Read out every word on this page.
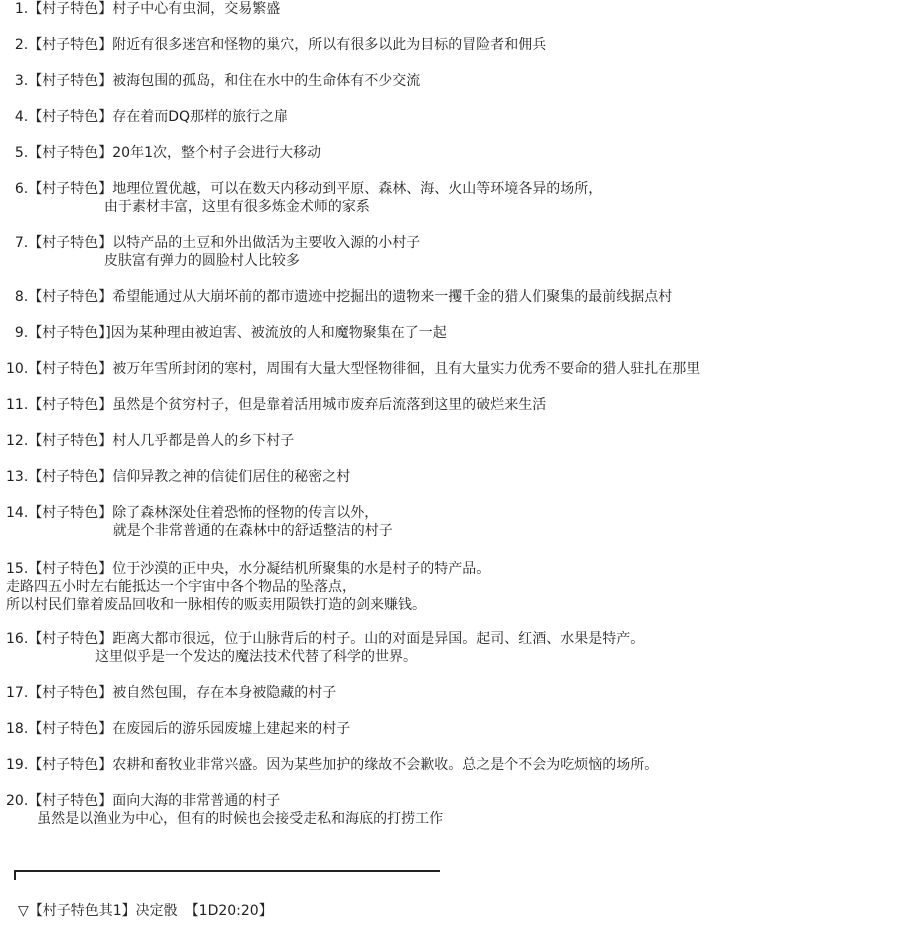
1.【村子特色】村子中心有虫洞，交易繁盛
2.【村子特色】附近有很多迷宫和怪物的巢穴，所以有很多以此为目标的冒险者和佣兵
3.【村子特色】被海包围的孤岛，和住在水中的生命体有不少交流
4.【村子特色】存在着而DQ那样的旅行之扉
5.【村子特色】20年1次，整个村子会进行大移动
6.【村子特色】地理位置优越，可以在数天内移动到平原、森林、海、火山等环境各异的场所，
由于素材丰富，这里有很多炼金术师的家系
7.【村子特色】以特产品的土豆和外出做活为主要收入源的小村子
皮肤富有弹力的圆脸村人比较多
8.【村子特色】希望能通过从大崩坏前的都市遗迹中挖掘出的遗物来一攫千金的猎人们聚集的最前线据点村
9.【村子特色】]因为某种理由被迫害、被流放的人和魔物聚集在了一起
10.【村子特色】被万年雪所封闭的寒村，周围有大量大型怪物徘徊，且有大量实力优秀不要命的猎人驻扎在那里
11.【村子特色】虽然是个贫穷村子，但是靠着活用城市废弃后流落到这里的破烂来生活
12.【村子特色】村人几乎都是兽人的乡下村子
13.【村子特色】信仰异教之神的信徒们居住的秘密之村
14.【村子特色】除了森林深处住着恐怖的怪物的传言以外，
就是个非常普通的在森林中的舒适整洁的村子
15.【村子特色】位于沙漠的正中央，水分凝结机所聚集的水是村子的特产品。
走路四五小时左右能抵达一个宇宙中各个物品的坠落点，
所以村民们靠着废品回收和一脉相传的贩卖用陨铁打造的剑来赚钱。
16.【村子特色】距离大都市很远，位于山脉背后的村子。山的对面是异国。起司、红酒、水果是特产。
这里似乎是一个发达的魔法技术代替了科学的世界。
17.【村子特色】被自然包围，存在本身被隐藏的村子
18.【村子特色】在废园后的游乐园废墟上建起来的村子
19.【村子特色】农耕和畜牧业非常兴盛。因为某些加护的缘故不会歉收。总之是个不会为吃烦恼的场所。
20.【村子特色】面向大海的非常普通的村子
虽然是以渔业为中心，但有的时候也会接受走私和海底的打捞工作
▽【村子特色其1】决定骰　【1D20:20】
